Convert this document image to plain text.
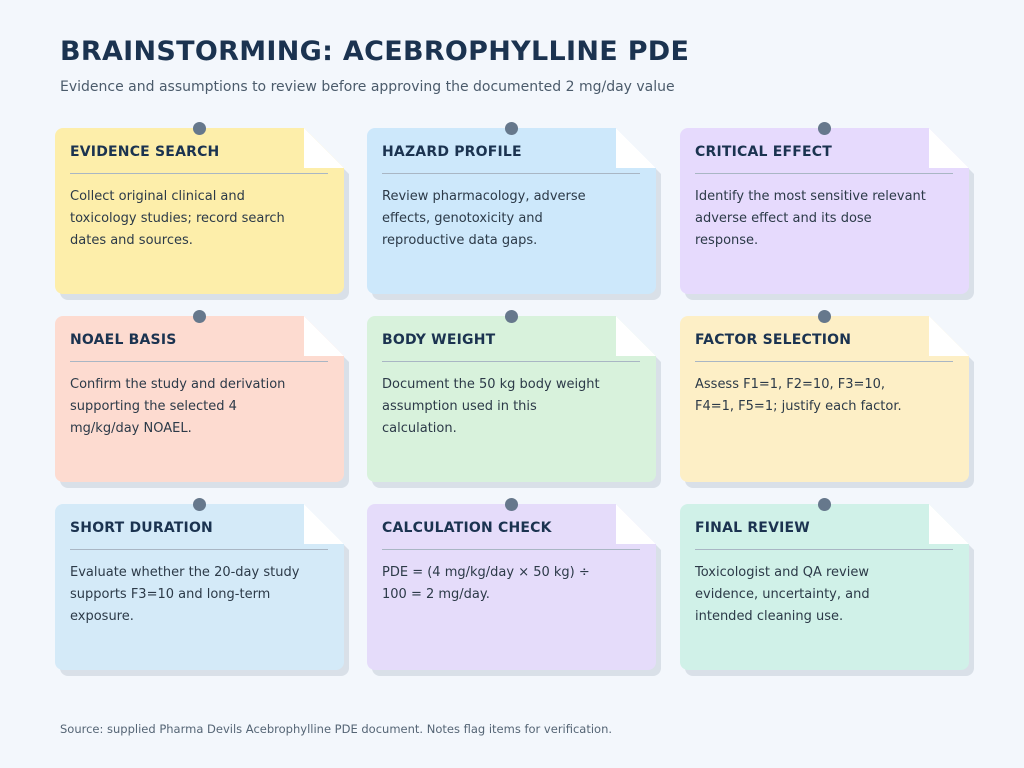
BRAINSTORMING: ACEBROPHYLLINE PDE

Evidence and assumptions to review before approving the documented 2 mg/day value

EVIDENCE SEARCH

Collect original clinical and toxicology studies; record search dates and sources.

HAZARD PROFILE

Review pharmacology, adverse effects, genotoxicity and reproductive data gaps.

CRITICAL EFFECT

Identify the most sensitive relevant adverse effect and its dose response.

NOAEL BASIS

Confirm the study and derivation supporting the selected 4 mg/kg/day NOAEL.

BODY WEIGHT

Document the 50 kg body weight assumption used in this calculation.

FACTOR SELECTION

Assess F1=1, F2=10, F3=10, F4=1, F5=1; justify each factor.

SHORT DURATION

Evaluate whether the 20-day study supports F3=10 and long-term exposure.

CALCULATION CHECK

PDE = (4 mg/kg/day × 50 kg) ÷ 100 = 2 mg/day.

FINAL REVIEW

Toxicologist and QA review evidence, uncertainty, and intended cleaning use.

Source: supplied Pharma Devils Acebrophylline PDE document. Notes flag items for verification.
